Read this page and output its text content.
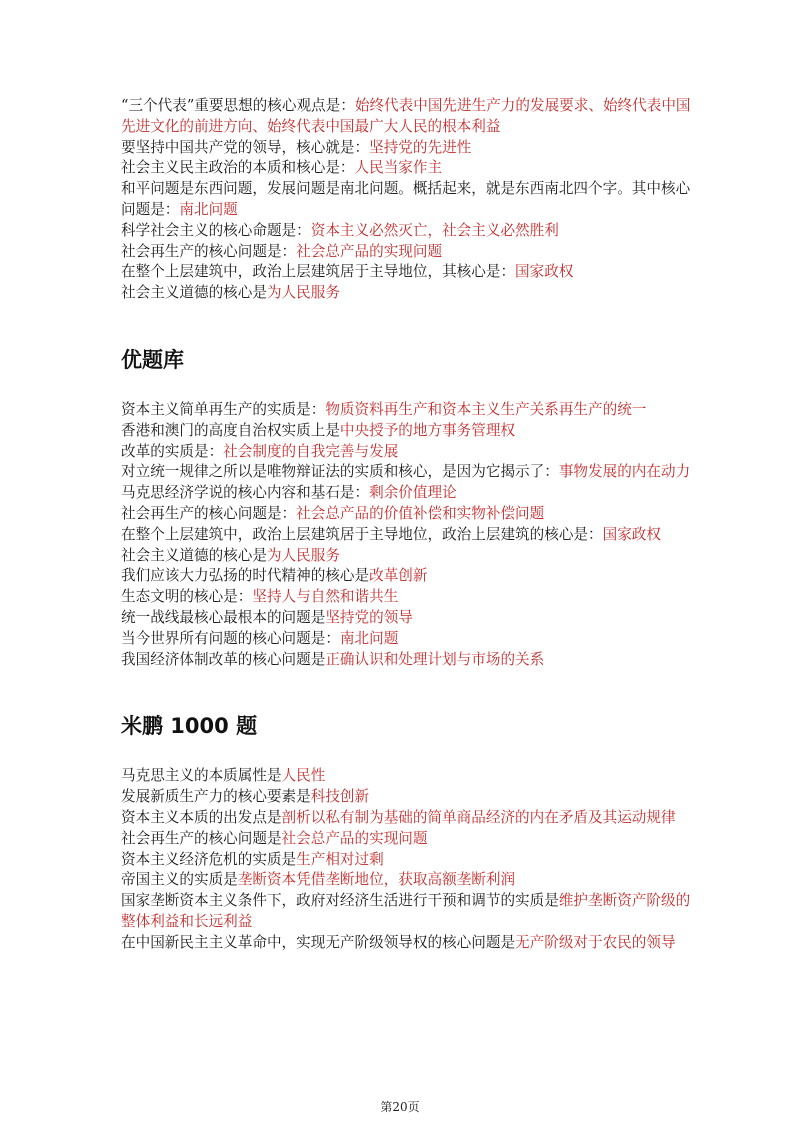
“三个代表”重要思想的核心观点是：始终代表中国先进生产力的发展要求、始终代表中国先进文化的前进方向、始终代表中国最广大人民的根本利益

要坚持中国共产党的领导，核心就是：坚持党的先进性

社会主义民主政治的本质和核心是：人民当家作主

和平问题是东西问题，发展问题是南北问题。概括起来，就是东西南北四个字。其中核心问题是：南北问题

科学社会主义的核心命题是：资本主义必然灭亡，社会主义必然胜利

社会再生产的核心问题是：社会总产品的实现问题

在整个上层建筑中，政治上层建筑居于主导地位，其核心是：国家政权

社会主义道德的核心是为人民服务

优题库

资本主义简单再生产的实质是：物质资料再生产和资本主义生产关系再生产的统一

香港和澳门的高度自治权实质上是中央授予的地方事务管理权

改革的实质是：社会制度的自我完善与发展

对立统一规律之所以是唯物辩证法的实质和核心，是因为它揭示了：事物发展的内在动力

马克思经济学说的核心内容和基石是：剩余价值理论

社会再生产的核心问题是：社会总产品的价值补偿和实物补偿问题

在整个上层建筑中，政治上层建筑居于主导地位，政治上层建筑的核心是：国家政权

社会主义道德的核心是为人民服务

我们应该大力弘扬的时代精神的核心是改革创新

生态文明的核心是：坚持人与自然和谐共生

统一战线最核心最根本的问题是坚持党的领导

当今世界所有问题的核心问题是：南北问题

我国经济体制改革的核心问题是正确认识和处理计划与市场的关系

米鹏 1000 题

马克思主义的本质属性是人民性

发展新质生产力的核心要素是科技创新

资本主义本质的出发点是剖析以私有制为基础的简单商品经济的内在矛盾及其运动规律

社会再生产的核心问题是社会总产品的实现问题

资本主义经济危机的实质是生产相对过剩

帝国主义的实质是垄断资本凭借垄断地位，获取高额垄断利润

国家垄断资本主义条件下，政府对经济生活进行干预和调节的实质是维护垄断资产阶级的整体利益和长远利益

在中国新民主主义革命中，实现无产阶级领导权的核心问题是无产阶级对于农民的领导

第20页
